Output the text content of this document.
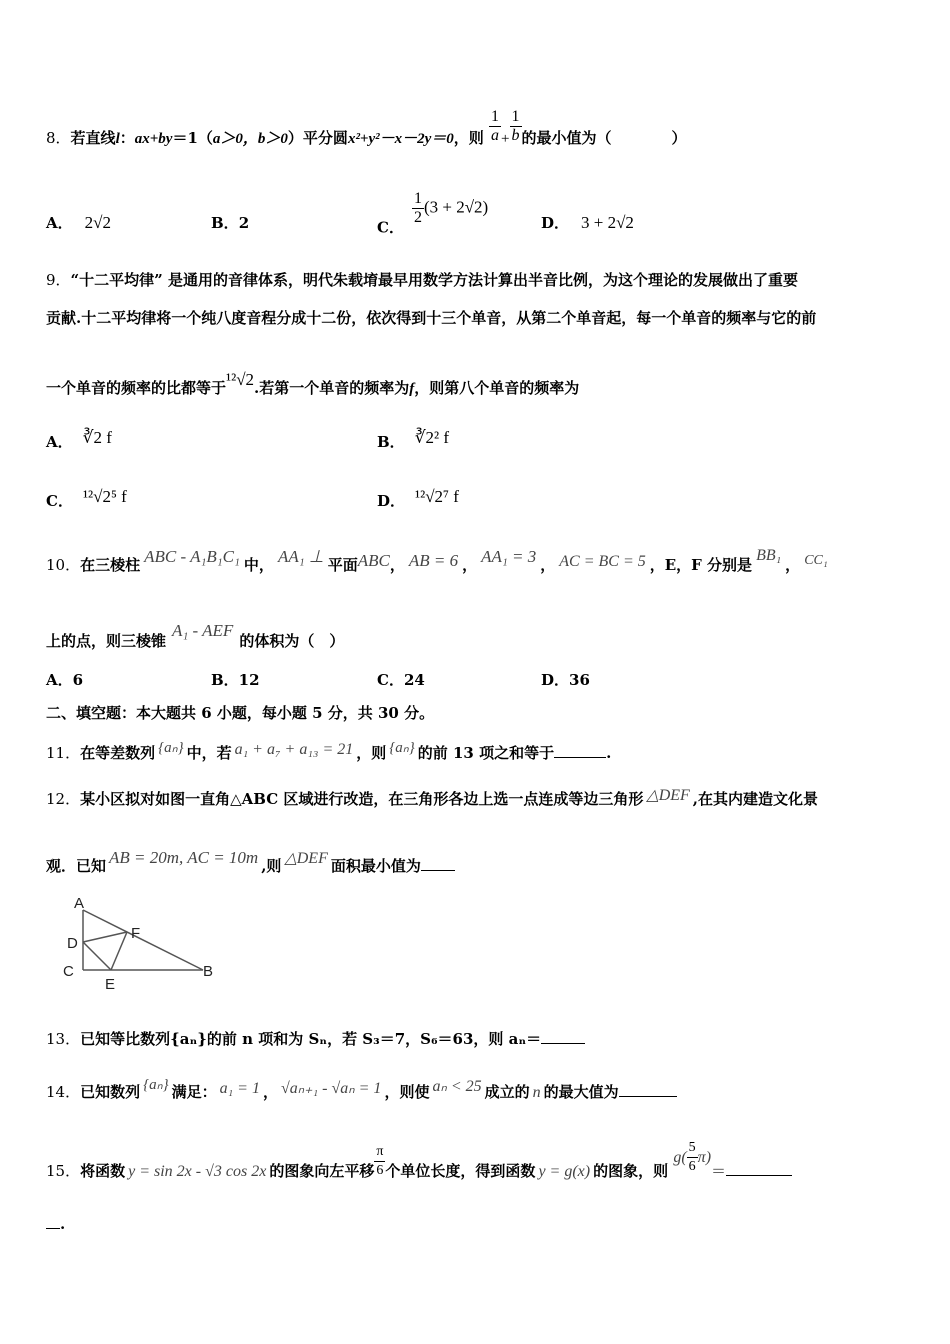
8．若直线l：ax+by＝1（a＞0，b＞0）平分圆x²+y²－x－2y＝0，则 $\frac{1}{a} + \frac{1}{b}$ 的最小值为（　　　　）
A． 2√2	B．2	C．
$\frac{1}{2} (3 + 2√2)$
D． 3 + 2√2
9．“十二平均律” 是通用的音律体系，明代朱载堉最早用数学方法计算出半音比例，为这个理论的发展做出了重要
贡献.十二平均律将一个纯八度音程分成十二份，依次得到十三个单音，从第二个单音起，每一个单音的频率与它的前
一个单音的频率的比都等于¹²√2.若第一个单音的频率为f，则第八个单音的频率为
A． ∛2 f	B． ∛2² f
C． ¹²√2⁵ f	D． ¹²√2⁷ f
10．在三棱柱 ABC - A₁B₁C₁ 中， AA₁ ⊥ 平面ABC， AB = 6 ， AA₁ = 3 ， AC = BC = 5 ，E，F 分别是BB₁， CC₁
上的点，则三棱锥A₁ - AEF的体积为（　）
A．6	B．12	C．24	D．36
二、填空题：本大题共 6 小题，每小题 5 分，共 30 分。
11．在等差数列 {aₙ} 中，若 a₁ + a₇ + a₁₃ = 21 ，则 {aₙ} 的前 13 项之和等于	.
12．某小区拟对如图一直角△ABC 区域进行改造，在三角形各边上选一点连成等边三角形 △DEF ,在其内建造文化景
观．已知 AB = 20m, AC = 10m ,则 △DEF 面积最小值为
A
D
C
E
F
B
13．已知等比数列{aₙ}的前 n 项和为 Sₙ，若 S₃＝7，S₆＝63，则 aₙ＝
14．已知数列 {aₙ} 满足： a₁ = 1 ， √aₙ₊₁ - √aₙ = 1 ，则使 aₙ < 25 成立的 n 的最大值为
15．将函数 y = sin 2x - √3 cos 2x 的图象向左平移 $\frac{\pi}{6}$ 个单位长度，得到函数 y = g(x) 的图象，则 $g( \frac{5}{6} \pi)=$
.
